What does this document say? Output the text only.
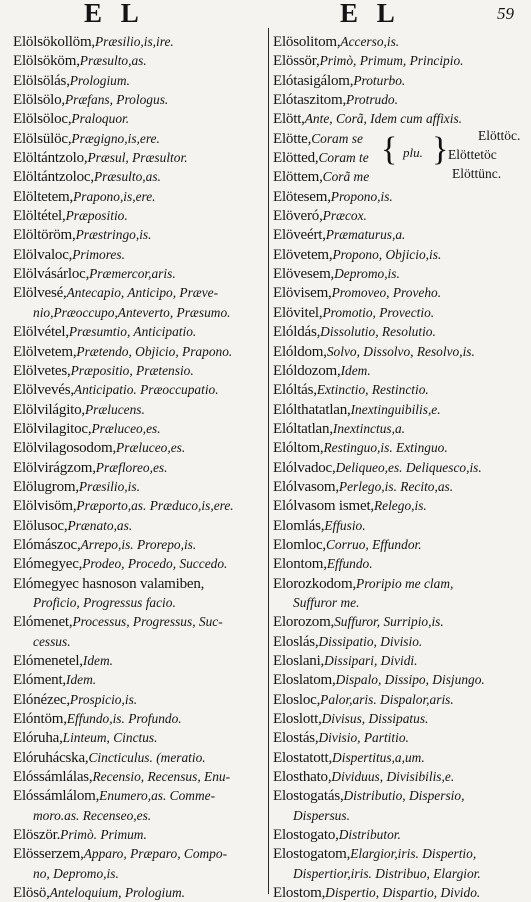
E L	E L	59
Elölsökollöm,Præsilio,is,ire.
Elölsököm,Præsulto,as.
Elölsölás,Prologium.
Elölsölo,Præfans, Prologus.
Elölsöloc,Praloquor.
Elölsülöc,Prægigno,is,ere.
Elöltántzolo,Præsul, Præsultor.
Elöltántzoloc,Præsulto,as.
Elöltetem,Prapono,is,ere.
Elöltétel,Præpositio.
Elöltöröm,Præstringo,is.
Elölvaloc,Primores.
Elölvásárloc,Præmercor,aris.
Elölvesé,Antecapio, Anticipo, Præve-
nio,Præoccupo,Anteverto, Præsumo.
Elölvétel,Præsumtio, Anticipatio.
Elölvetem,Prætendo, Objicio, Prapono.
Elölvetes,Præpositio, Prætensio.
Elölvevés,Anticipatio. Præoccupatio.
Elölvilágito,Prælucens.
Elölvilagitoc,Præluceo,es.
Elölvilagosodom,Præluceo,es.
Elölvirágzom,Præfloreo,es.
Elölugrom,Præsilio,is.
Elölvisöm,Præporto,as. Præduco,is,ere.
Elölusoc,Prænato,as.
Elómászoc,Arrepo,is. Prorepo,is.
Elómegyec,Prodeo, Procedo, Succedo.
Elómegyec hasnoson valamiben,
Proficio, Progressus facio.
Elómenet,Processus, Progressus, Suc-
cessus.
Elómenetel,Idem.
Elóment,Idem.
Elónézec,Prospicio,is.
Elóntöm,Effundo,is. Profundo.
Elóruha,Linteum, Cinctus.
Elóruhácska,Cincticulus. (meratio.
Elóssámlálas,Recensio, Recensus, Enu-
Elóssámlálom,Enumero,as. Comme-
moro.as. Recenseo,es.
Elöször.Primò. Primum.
Elösserzem,Apparo, Præparo, Compo-
no, Depromo,is.
Elösö,Anteloquium, Prologium.
Elösolitom,Accerso,is.
Elössör,Primò, Primum, Principio.
Elótasigálom,Proturbo.
Elótaszitom,Protrudo.
Elött,Ante, Corã, Idem cum affixis.
Elötte,Coram se
Elötted,Coram te
Elöttem,Corã me
Elötesem,Propono,is.
Elöveró,Præcox.
Elöveért,Præmaturus,a.
Elövetem,Propono, Objicio,is.
Elövesem,Depromo,is.
Elövisem,Promoveo, Proveho.
Elövitel,Promotio, Provectio.
Elóldás,Dissolutio, Resolutio.
Elóldom,Solvo, Dissolvo, Resolvo,is.
Elóldozom,Idem.
Elóltás,Extinctio, Restinctio.
Elólthatatlan,Inextinguibilis,e.
Elóltatlan,Inextinctus,a.
Elóltom,Restinguo,is. Extinguo.
Elólvadoc,Deliqueo,es. Deliquesco,is.
Elólvasom,Perlego,is. Recito,as.
Elólvasom ismet,Relego,is.
Elomlás,Effusio.
Elomloc,Corruo, Effundor.
Elontom,Effundo.
Elorozkodom,Proripio me clam,
Suffuror me.
Elorozom,Suffuror, Surripio,is.
Eloslás,Dissipatio, Divisio.
Eloslani,Dissipari, Dividi.
Eloslatom,Dispalo, Dissipo, Disjungo.
Elosloc,Palor,aris. Dispalor,aris.
Eloslott,Divisus, Dissipatus.
Elostás,Divisio, Partitio.
Elostatott,Dispertitus,a,um.
Elosthato,Dividuus, Divisibilis,e.
Elostogatás,Distributio, Dispersio,
Dispersus.
Elostogato,Distributor.
Elostogatom,Elargior,iris. Dispertio,
Dispertior,iris. Distribuo, Elargior.
Elostom,Dispertio, Dispartio, Divido.
{ plu. } Elöttöc.
Elöttetöc
Elöttünc.
